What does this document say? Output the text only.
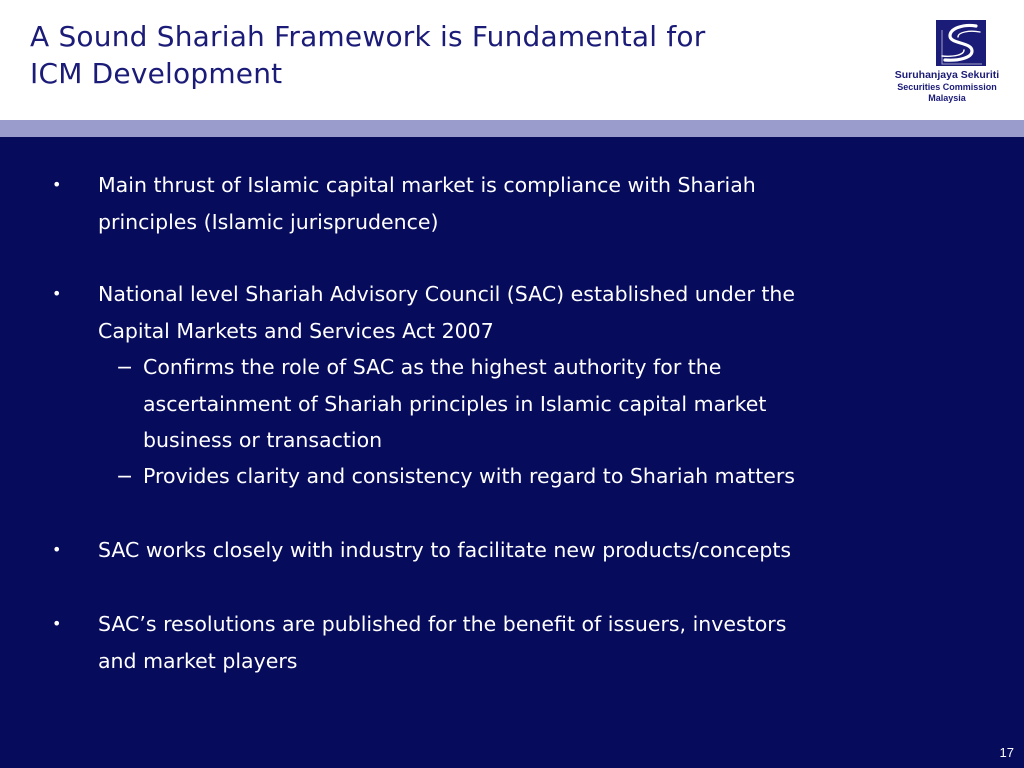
A Sound Shariah Framework is Fundamental for
ICM Development	Suruhanjaya Sekuriti
Securities Commission
Malaysia
• Main thrust of Islamic capital market is compliance with Shariah
principles (Islamic jurisprudence)

• National level Shariah Advisory Council (SAC) established under the
Capital Markets and Services Act 2007

− Confirms the role of SAC as the highest authority for the
ascertainment of Shariah principles in Islamic capital market
business or transaction

− Provides clarity and consistency with regard to Shariah matters

• SAC works closely with industry to facilitate new products/concepts

• SAC’s resolutions are published for the benefit of issuers, investors
and market players

17
